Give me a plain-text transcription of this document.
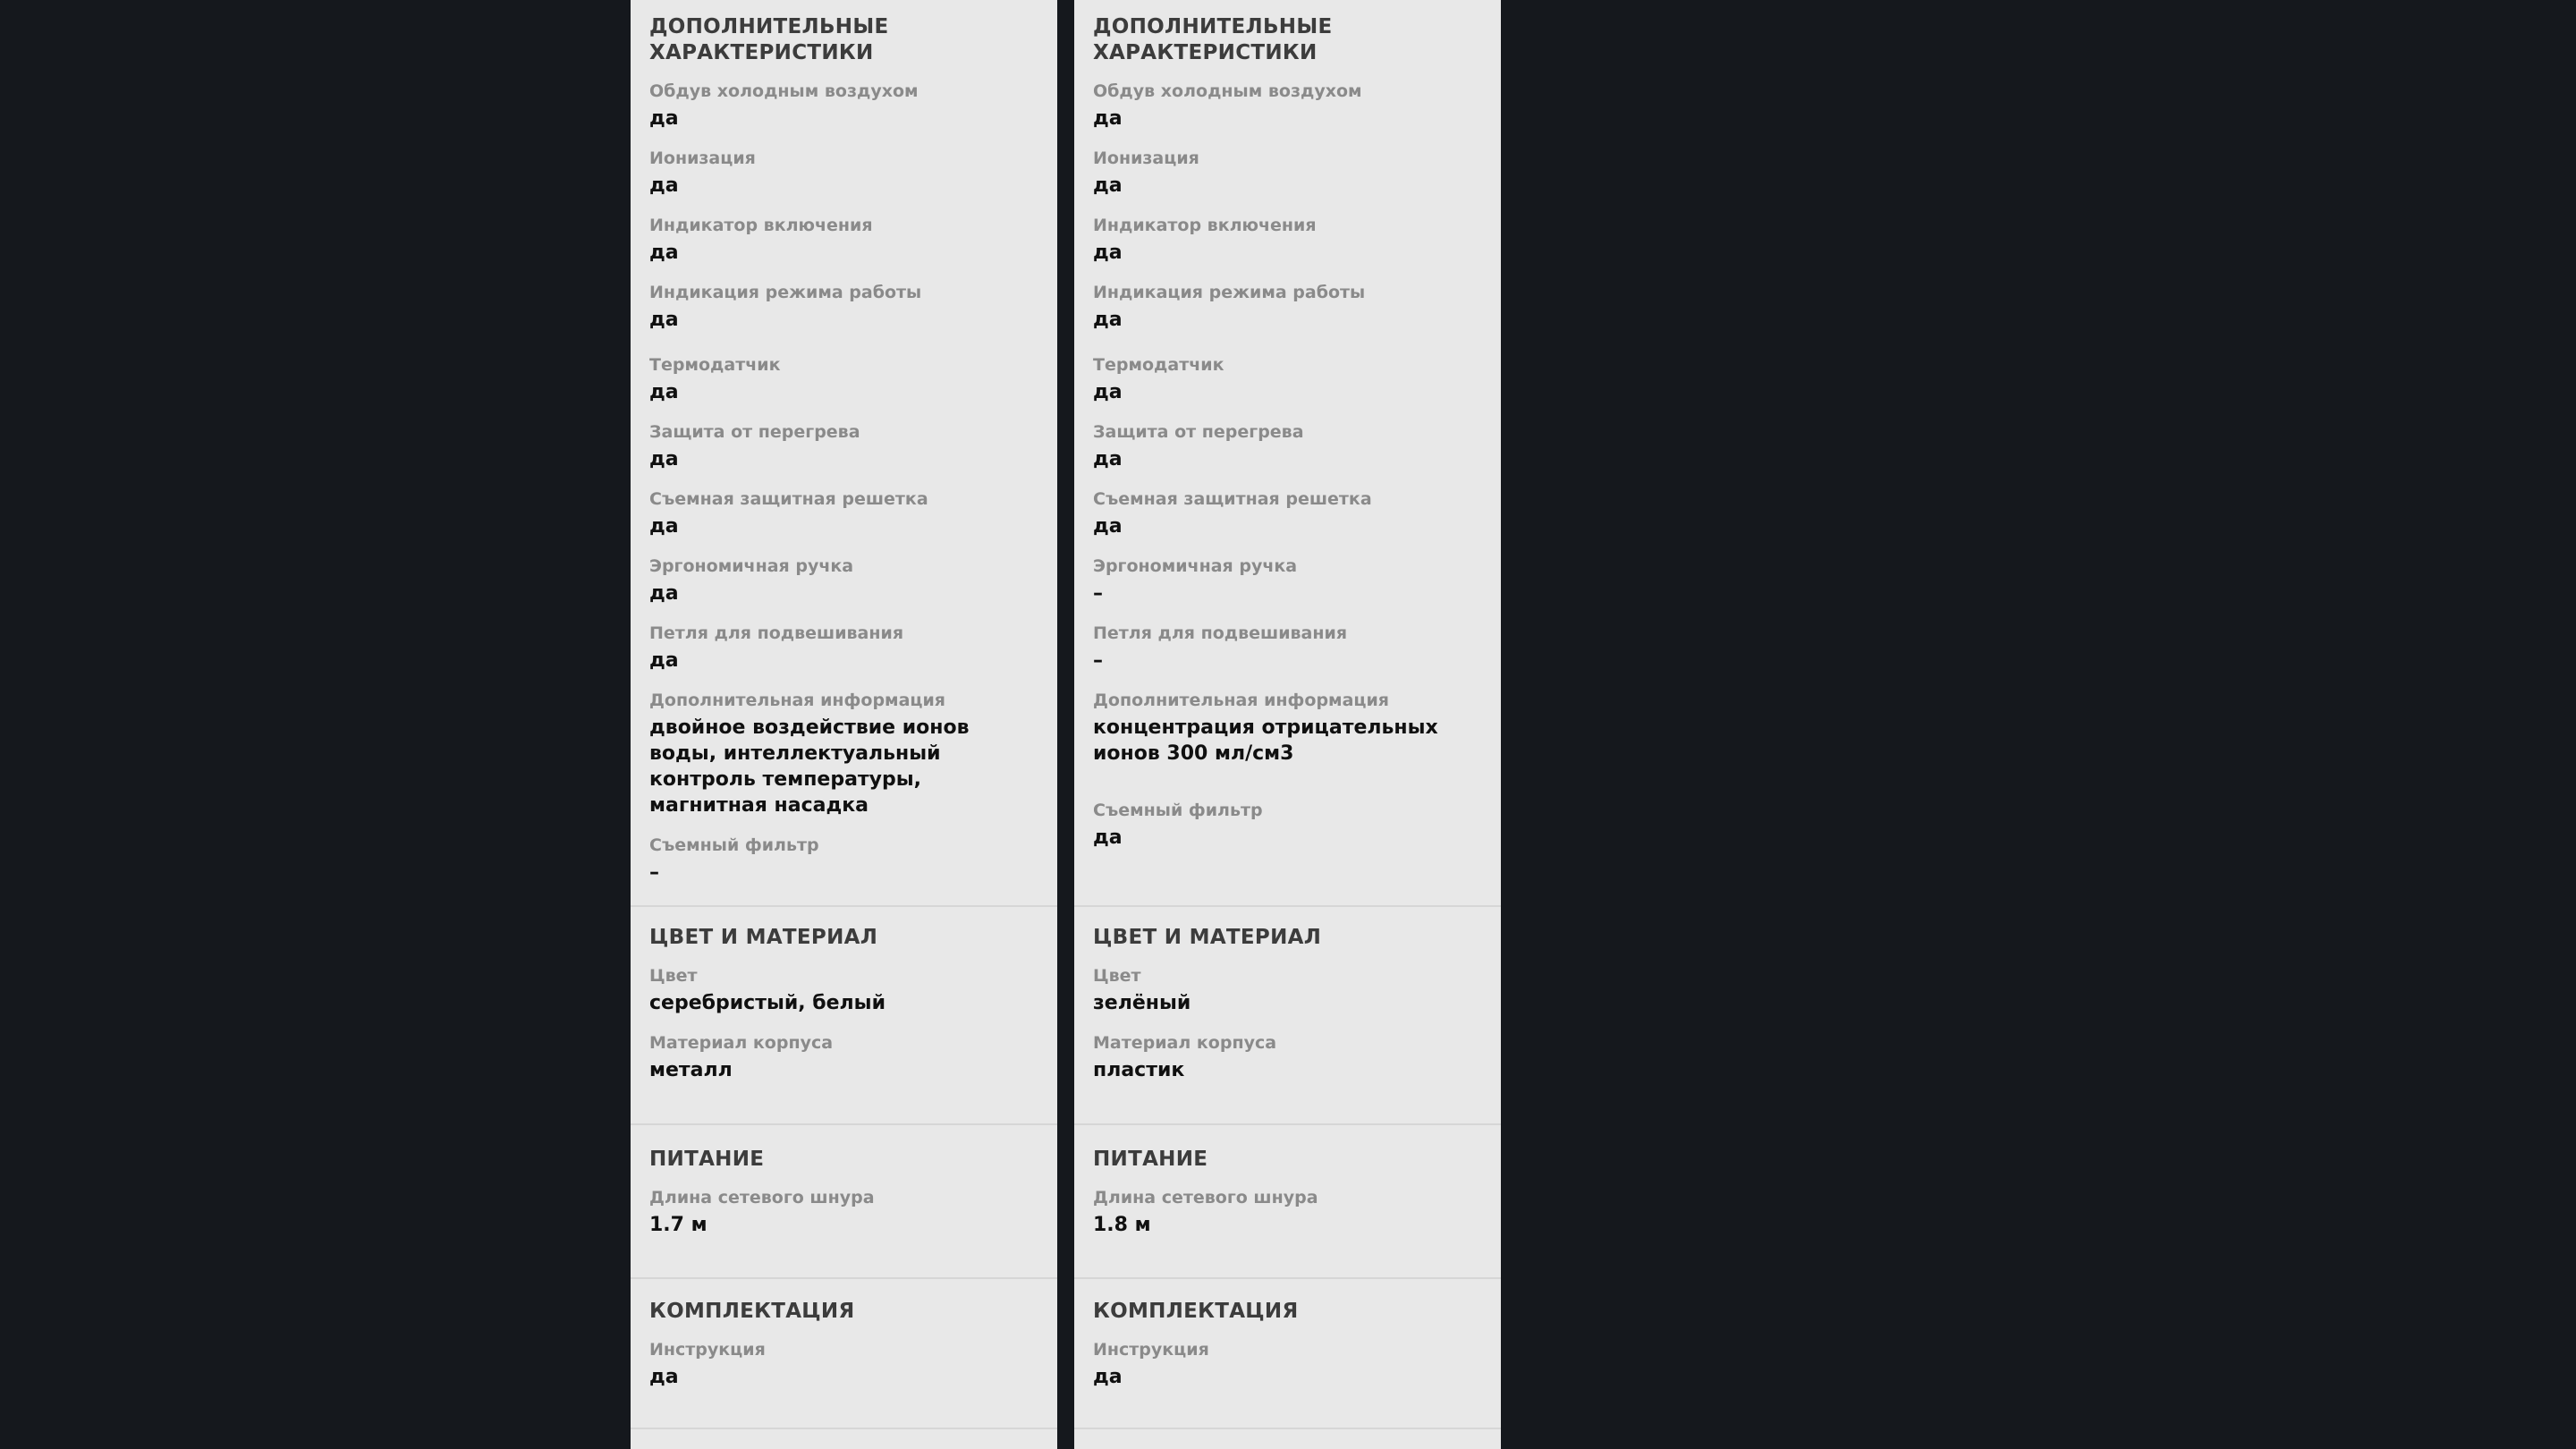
ДОПОЛНИТЕЛЬНЫЕ ХАРАКТЕРИСТИКИ
Обдув холодным воздухом
да
Ионизация
да
Индикатор включения
да
Индикация режима работы
да
Термодатчик
да
Защита от перегрева
да
Съемная защитная решетка
да
Эргономичная ручка
да
Петля для подвешивания
да
Дополнительная информация
двойное воздействие ионов воды, интеллектуальный контроль температуры, магнитная насадка
Съемный фильтр
–
ЦВЕТ И МАТЕРИАЛ
Цвет
серебристый, белый
Материал корпуса
металл
ПИТАНИЕ
Длина сетевого шнура
1.7 м
КОМПЛЕКТАЦИЯ
Инструкция
да
ДОПОЛНИТЕЛЬНЫЕ ХАРАКТЕРИСТИКИ
Обдув холодным воздухом
да
Ионизация
да
Индикатор включения
да
Индикация режима работы
да
Термодатчик
да
Защита от перегрева
да
Съемная защитная решетка
да
Эргономичная ручка
–
Петля для подвешивания
–
Дополнительная информация
концентрация отрицательных ионов 300 мл/см3
Съемный фильтр
да
ЦВЕТ И МАТЕРИАЛ
Цвет
зелёный
Материал корпуса
пластик
ПИТАНИЕ
Длина сетевого шнура
1.8 м
КОМПЛЕКТАЦИЯ
Инструкция
да
